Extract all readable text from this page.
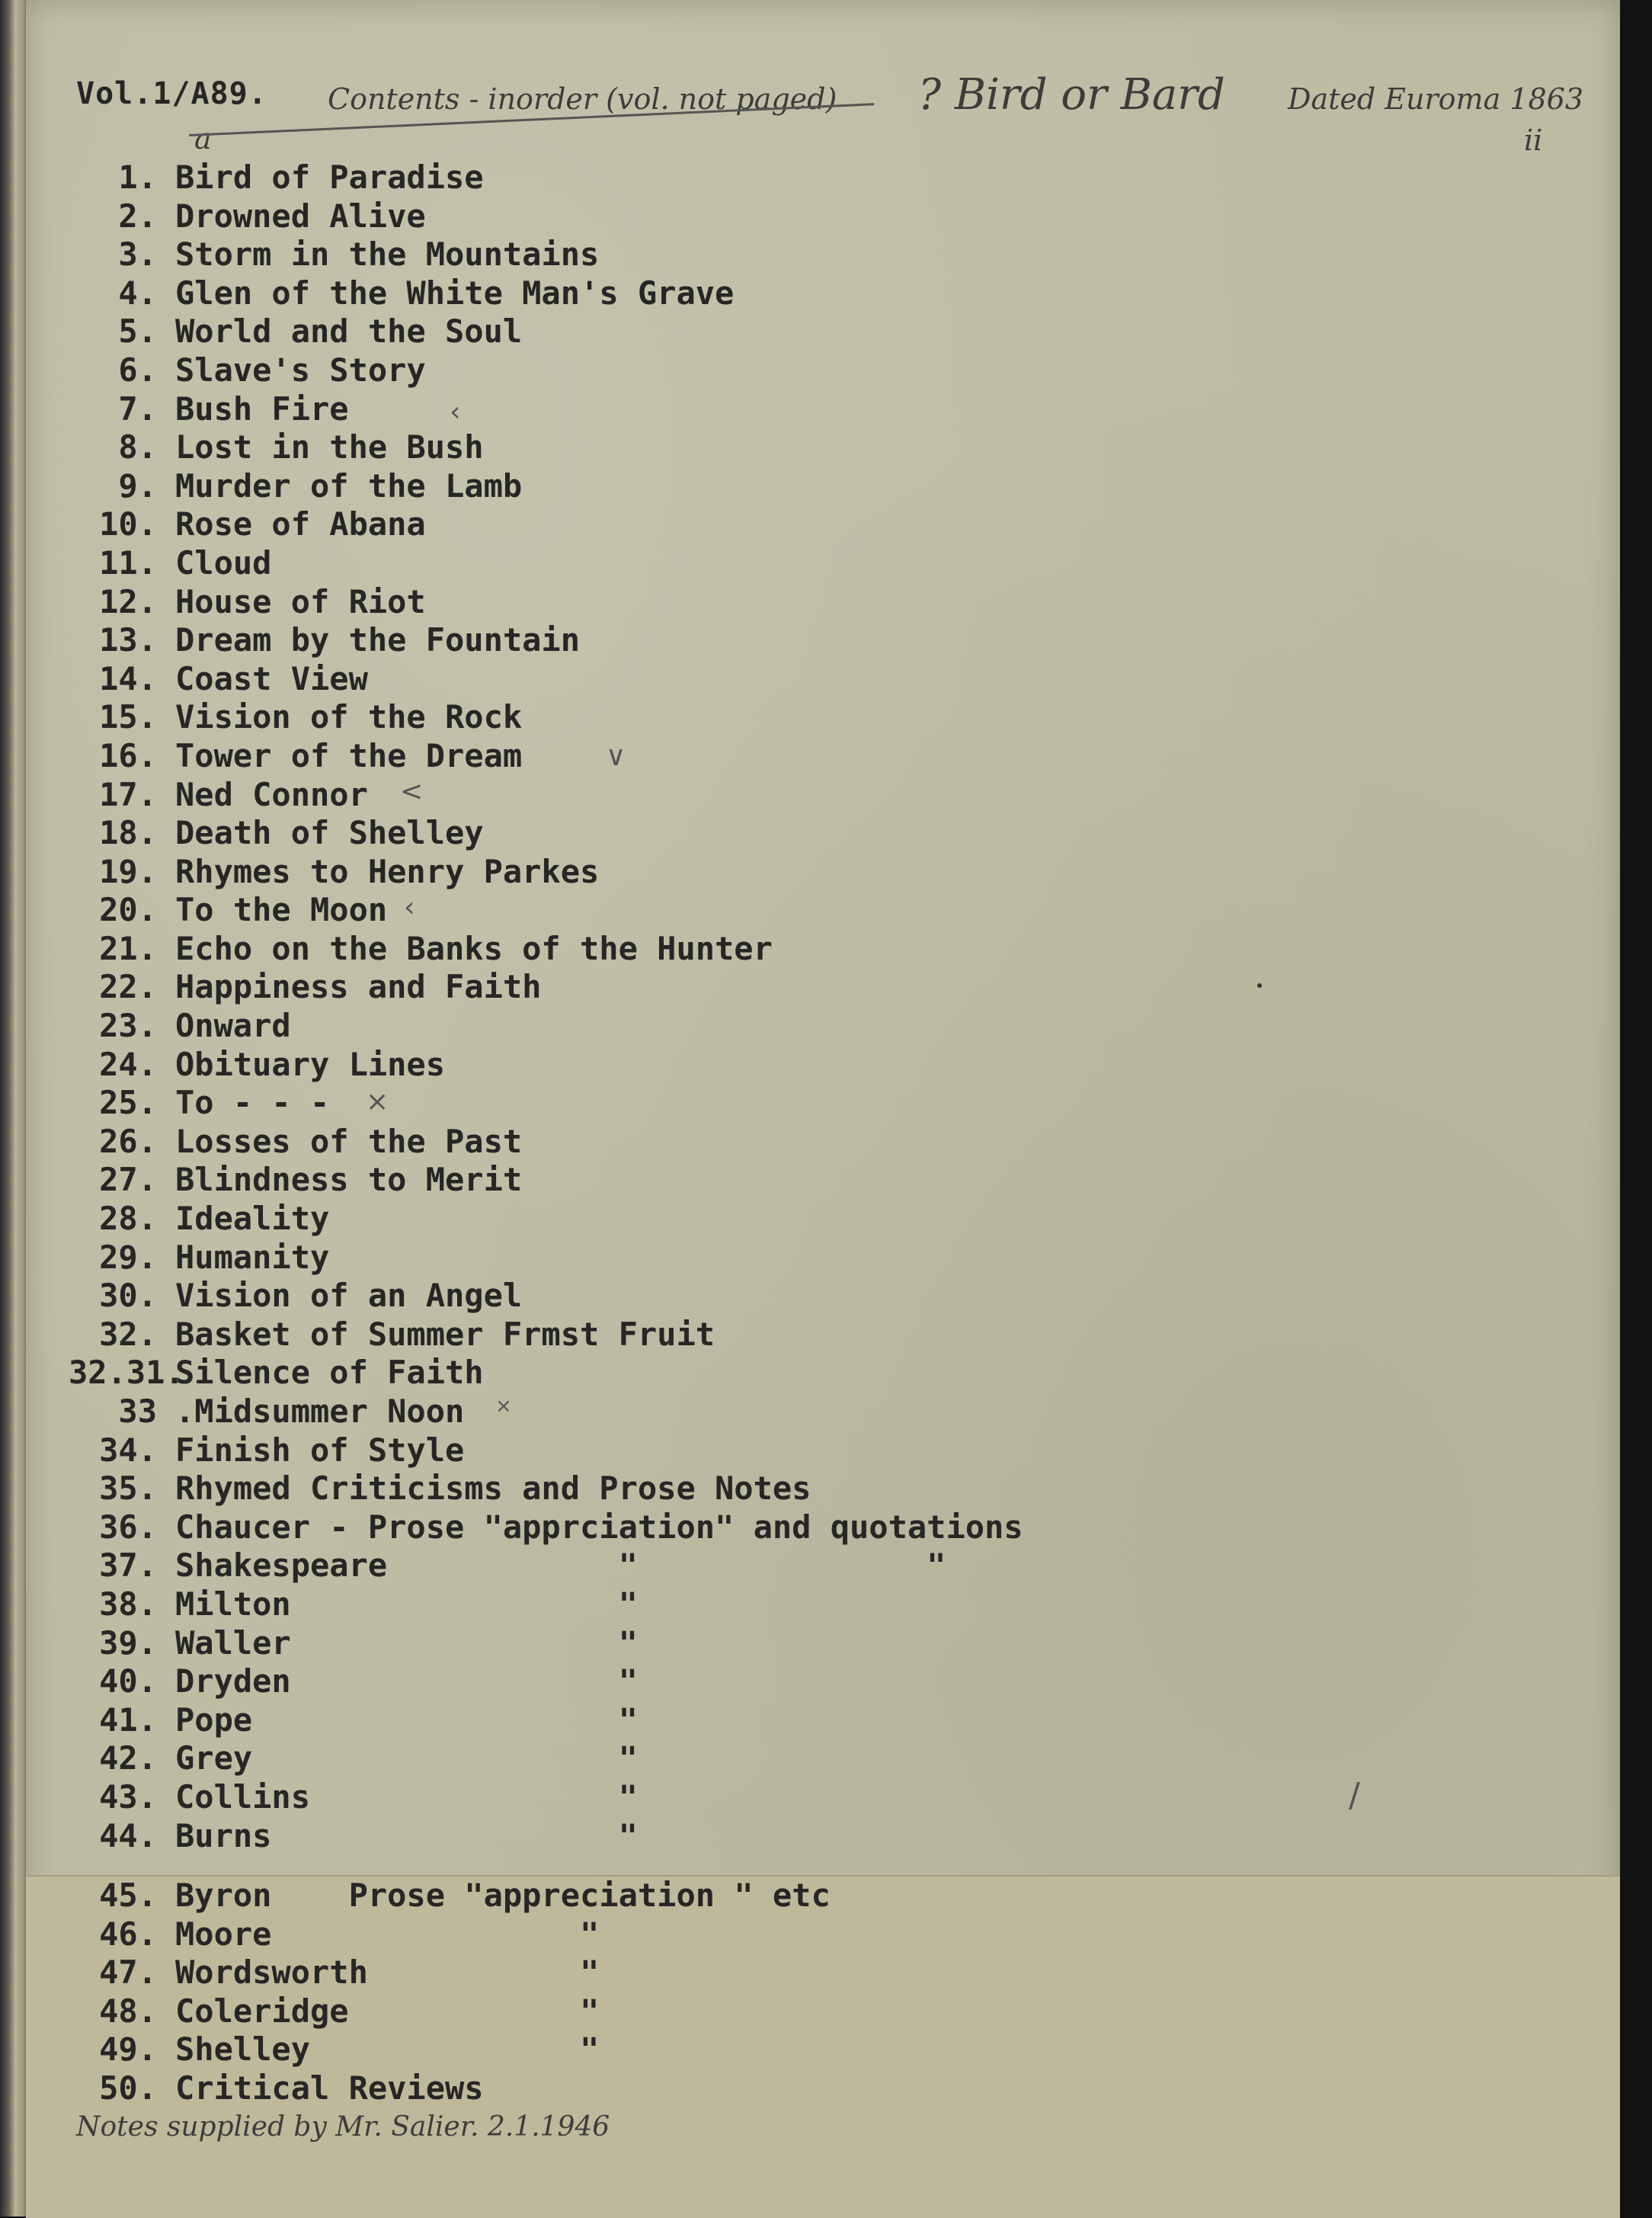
Vol.1/A89. Contents - inorder (vol. not paged) ? Bird or Bard Dated Euroma 1863
ii
a
1. Bird of Paradise
2. Drowned Alive
3. Storm in the Mountains
4. Glen of the White Man's Grave
5. World and the Soul
6. Slave's Story
7. Bush Fire
8. Lost in the Bush
9. Murder of the Lamb
10. Rose of Abana
11. Cloud
12. House of Riot
13. Dream by the Fountain
14. Coast View
15. Vision of the Rock
16. Tower of the Dream
17. Ned Connor
18. Death of Shelley
19. Rhymes to Henry Parkes
20. To the Moon
21. Echo on the Banks of the Hunter
22. Happiness and Faith
23. Onward
24. Obituary Lines
25. To - - -
26. Losses of the Past
27. Blindness to Merit
28. Ideality
29. Humanity
30. Vision of an Angel
32. Basket of Summer Frmst Fruit
32.31.Silence of Faith
33 .Midsummer Noon
34. Finish of Style
35. Rhymed Criticisms and Prose Notes
36. Chaucer - Prose "apprciation" and quotations
37. Shakespeare            "               "
38. Milton                 "
39. Waller                 "
40. Dryden                 "
41. Pope                   "
42. Grey                   "
43. Collins                "
44. Burns                  "
45. Byron    Prose "appreciation " etc
46. Moore                "
47. Wordsworth           "
48. Coleridge            "
49. Shelley              "
50. Critical Reviews
‹
∨
<
‹
×
×
/
Notes supplied by Mr. Salier. 2.1.1946
